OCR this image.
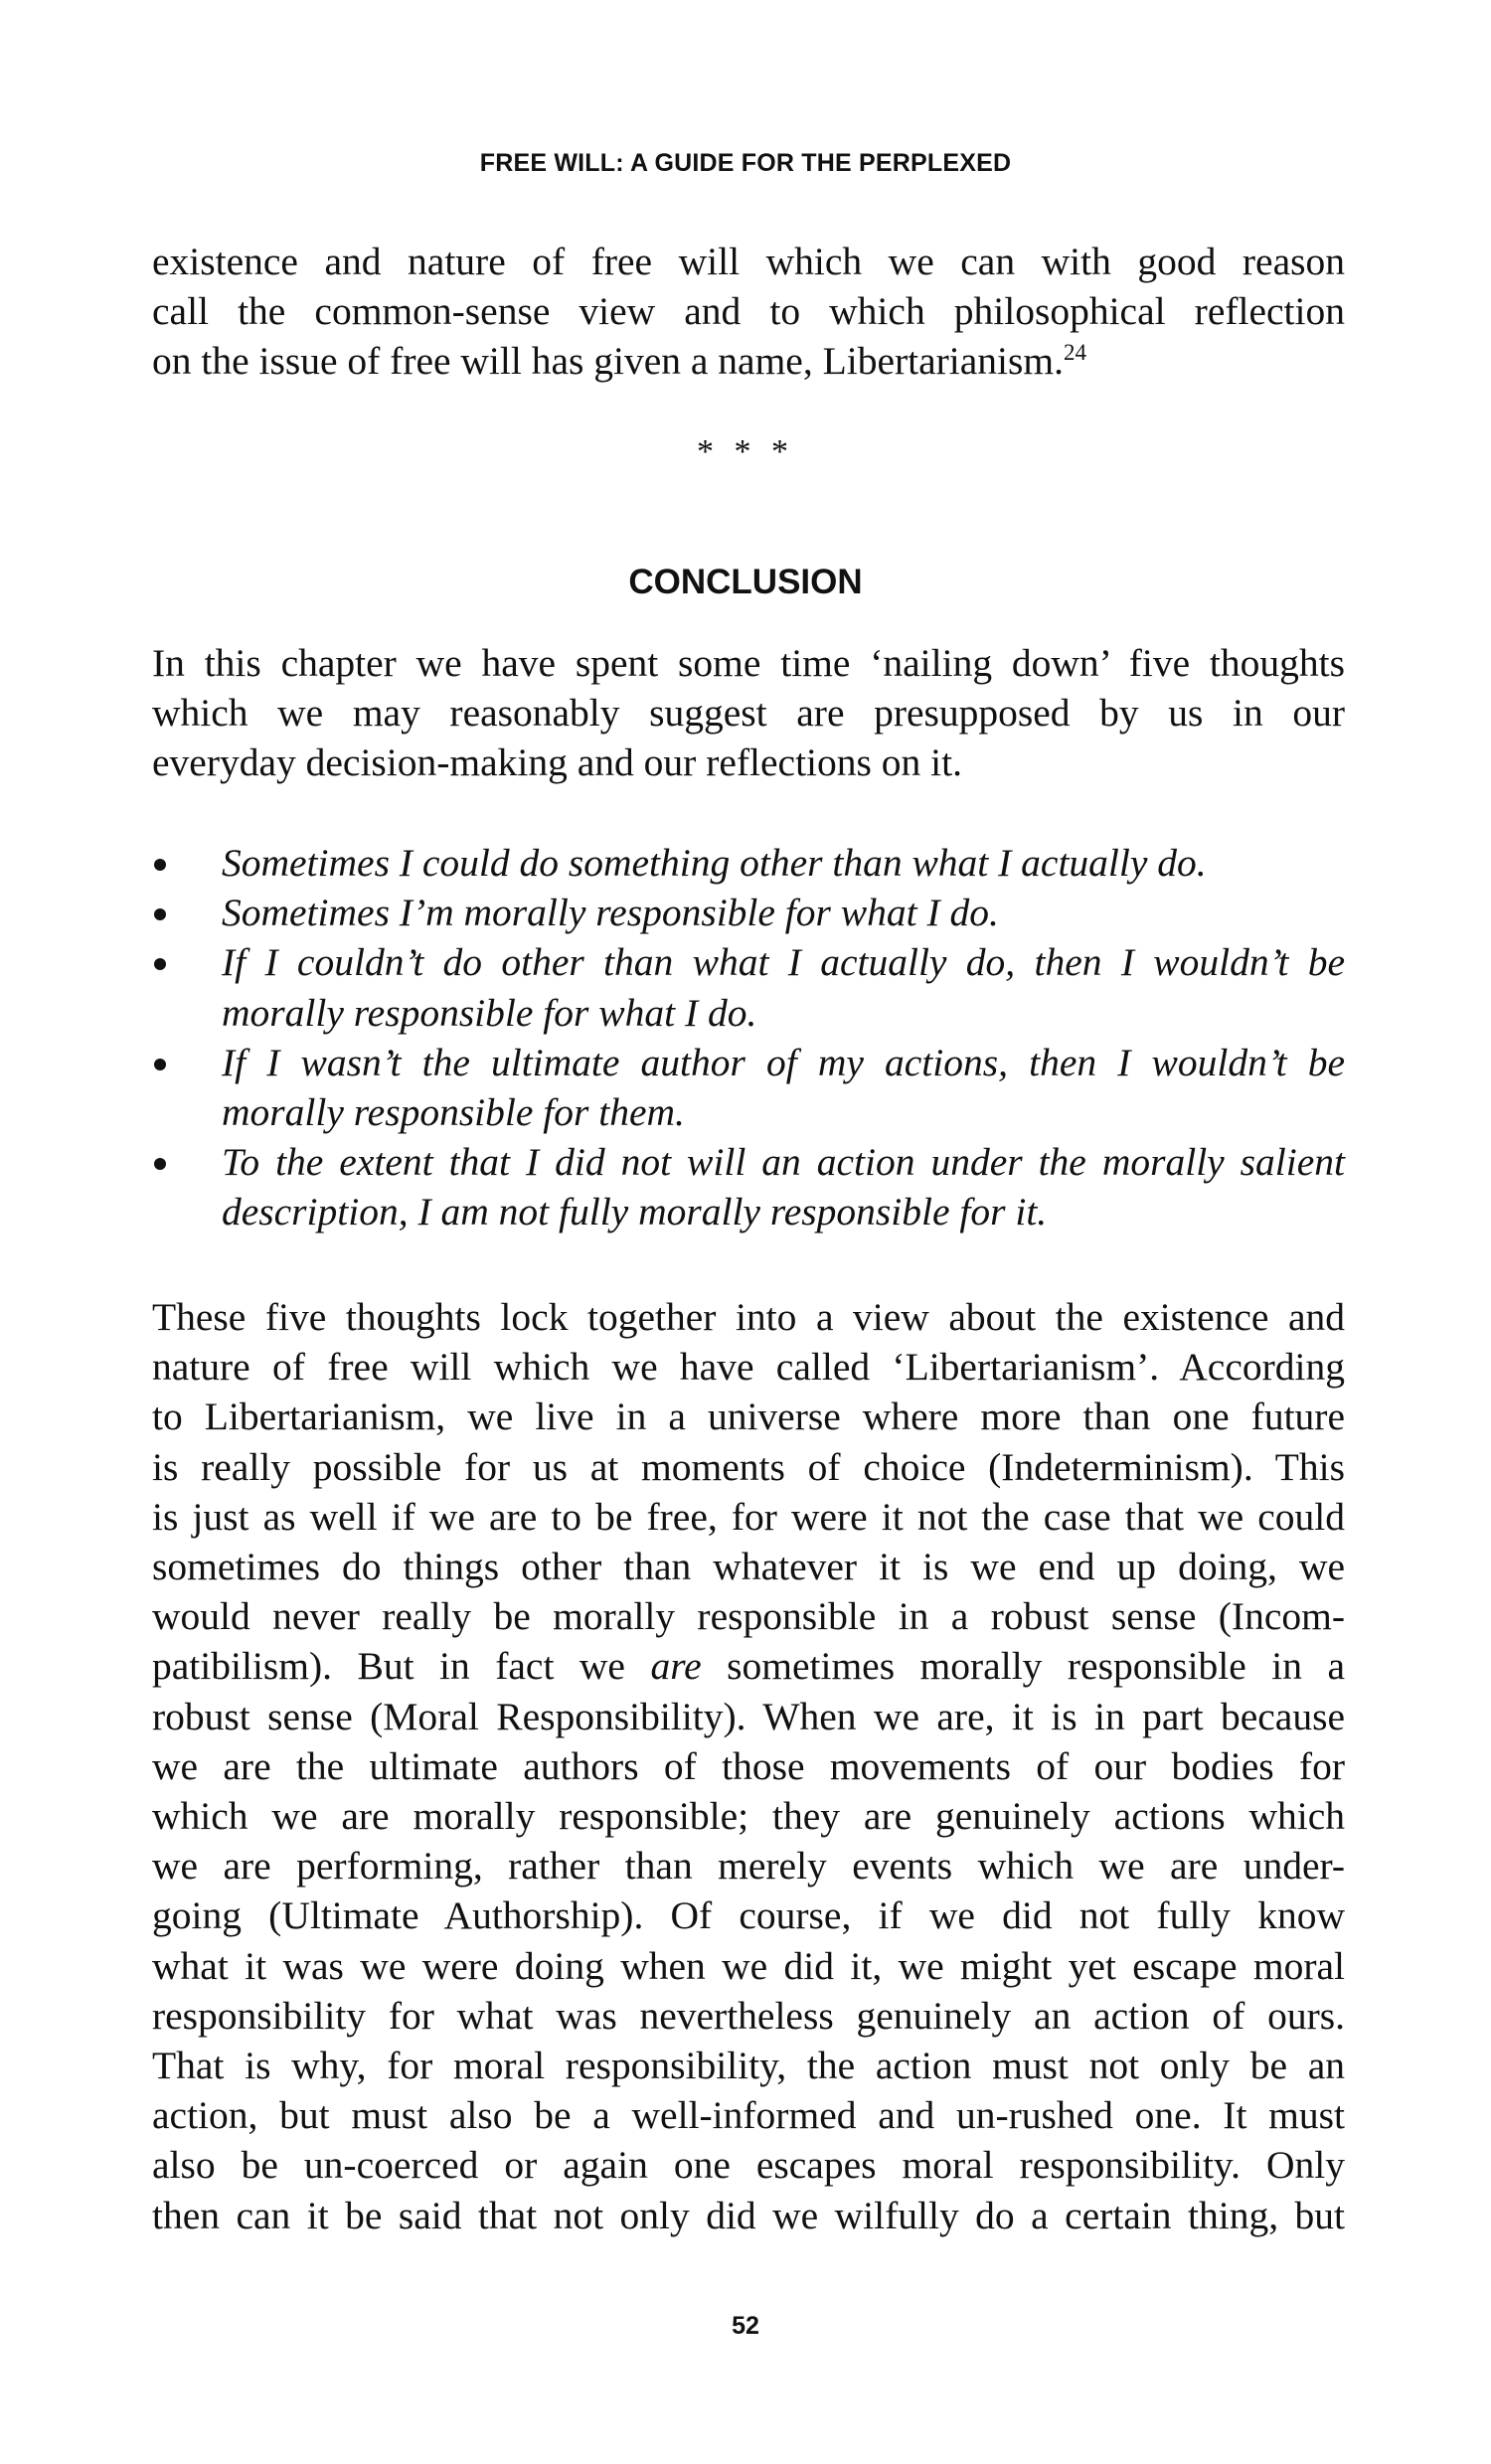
FREE WILL: A GUIDE FOR THE PERPLEXED
existence and nature of free will which we can with good reason
call the common-sense view and to which philosophical reflection
on the issue of free will has given a name, Libertarianism.$^{24}$
* * *
CONCLUSION
In this chapter we have spent some time ‘nailing down’ five thoughts
which we may reasonably suggest are presupposed by us in our
everyday decision-making and our reflections on it.
Sometimes I could do something other than what I actually do.
Sometimes I’m morally responsible for what I do.
If I couldn’t do other than what I actually do, then I wouldn’t be
morally responsible for what I do.
If I wasn’t the ultimate author of my actions, then I wouldn’t be
morally responsible for them.
To the extent that I did not will an action under the morally salient
description, I am not fully morally responsible for it.
These five thoughts lock together into a view about the existence and
nature of free will which we have called ‘Libertarianism’. According
to Libertarianism, we live in a universe where more than one future
is really possible for us at moments of choice (Indeterminism). This
is just as well if we are to be free, for were it not the case that we could
sometimes do things other than whatever it is we end up doing, we
would never really be morally responsible in a robust sense (Incom-
patibilism). But in fact we are sometimes morally responsible in a
robust sense (Moral Responsibility). When we are, it is in part because
we are the ultimate authors of those movements of our bodies for
which we are morally responsible; they are genuinely actions which
we are performing, rather than merely events which we are under-
going (Ultimate Authorship). Of course, if we did not fully know
what it was we were doing when we did it, we might yet escape moral
responsibility for what was nevertheless genuinely an action of ours.
That is why, for moral responsibility, the action must not only be an
action, but must also be a well-informed and un-rushed one. It must
also be un-coerced or again one escapes moral responsibility. Only
then can it be said that not only did we wilfully do a certain thing, but
52
